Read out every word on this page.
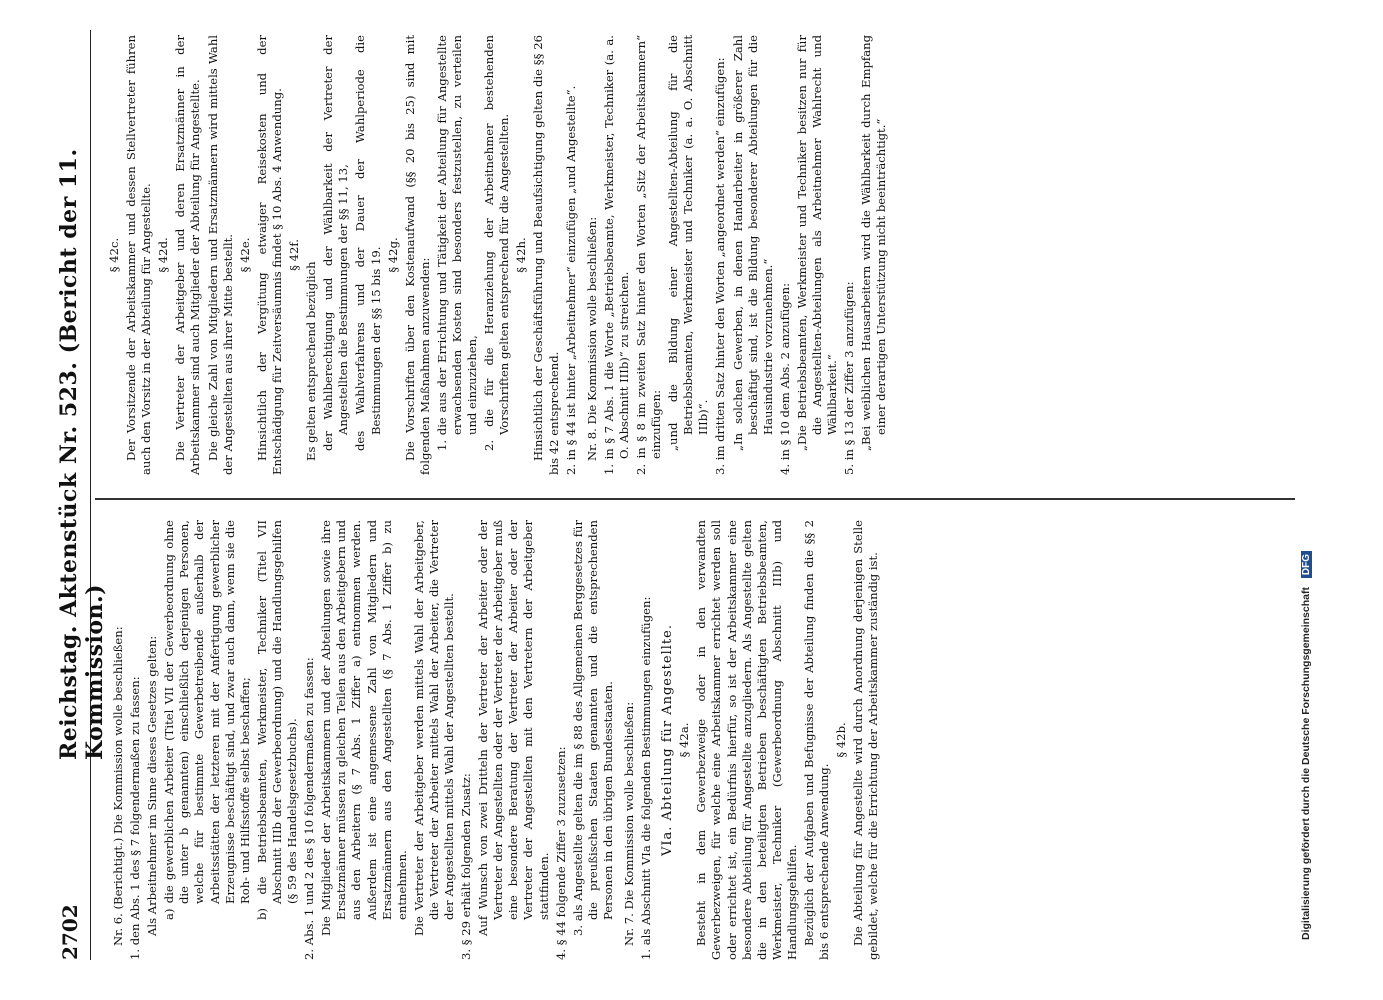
2702
Reichstag. Aktenstück Nr. 523. (Bericht der 11. Kommission.) Nr. 6. (Berichtigt.) Die Kommission wolle beschließen: 1. den Abs. 1 des § 7 folgendermaßen zu fassen: Als Arbeitnehmer im Sinne dieses Gesetzes gelten: a) die gewerblichen Arbeiter (Titel VII der Gewerbeordnung ohne die unter b genannten) einschließlich derjenigen Personen, welche für bestimmte Gewerbetreibende außerhalb der Arbeitsstätten der letzteren mit der Anfertigung gewerblicher Erzeugnisse beschäftigt sind, und zwar auch dann, wenn sie die Roh- und Hilfsstoffe selbst beschaffen; b) die Betriebsbeamten, Werkmeister, Techniker (Titel VII Abschnitt IIIb der Gewerbeordnung) und die Handlungsgehilfen (§ 59 des Handelsgesetzbuchs). 2. Abs. 1 und 2 des § 10 folgendermaßen zu fassen: Die Mitglieder der Arbeitskammern und der Abteilungen sowie ihre Ersatzmänner müssen zu gleichen Teilen aus den Arbeitgebern und aus den Arbeitern (§ 7 Abs. 1 Ziffer a) entnommen werden. Außerdem ist eine angemessene Zahl von Mitgliedern und Ersatzmännern aus den Angestellten (§ 7 Abs. 1 Ziffer b) zu entnehmen. Die Vertreter der Arbeitgeber werden mittels Wahl der Arbeitgeber, die Vertreter der Arbeiter mittels Wahl der Arbeiter, die Vertreter der Angestellten mittels Wahl der Angestellten bestellt. 3. § 29 erhält folgenden Zusatz: Auf Wunsch von zwei Dritteln der Vertreter der Arbeiter oder der Vertreter der Angestellten oder der Vertreter der Arbeitgeber muß eine besondere Beratung der Vertreter der Arbeiter oder der Vertreter der Angestellten mit den Vertretern der Arbeitgeber stattfinden. 4. § 44 folgende Ziffer 3 zuzusetzen: 3. als Angestellte gelten die im § 88 des Allgemeinen Berggesetzes für die preußischen Staaten genannten und die entsprechenden Personen in den übrigen Bundesstaaten. Nr. 7. Die Kommission wolle beschließen: 1. als Abschnitt VIa die folgenden Bestimmungen einzufügen: VIa. Abteilung für Angestellte. § 42a. Besteht in dem Gewerbezweige oder in den verwandten Gewerbezweigen, für welche eine Arbeitskammer errichtet werden soll oder errichtet ist, ein Bedürfnis hierfür, so ist der Arbeitskammer eine besondere Abteilung für Angestellte anzugliedern. Als Angestellte gelten die in den beteiligten Betrieben beschäftigten Betriebsbeamten, Werkmeister, Techniker (Gewerbeordnung Abschnitt IIIb) und Handlungsgehilfen. Bezüglich der Aufgaben und Befugnisse der Abteilung finden die §§ 2 bis 6 entsprechende Anwendung.

§ 42b. Die Abteilung für Angestellte wird durch Anordnung derjenigen Stelle gebildet, welche für die Errichtung der Arbeitskammer zuständig ist.

§ 42c. Der Vorsitzende der Arbeitskammer und dessen Stellvertreter führen auch den Vorsitz in der Abteilung für Angestellte. § 42d. Die Vertreter der Arbeitgeber und deren Ersatzmänner in der Arbeitskammer sind auch Mitglieder der Abteilung für Angestellte. Die gleiche Zahl von Mitgliedern und Ersatzmännern wird mittels Wahl der Angestellten aus ihrer Mitte bestellt. § 42e. Hinsichtlich der Vergütung etwaiger Reisekosten und der Entschädigung für Zeitversäumnis findet § 10 Abs. 4 Anwendung. § 42f.

Es gelten entsprechend bezüglich der Wahlberechtigung und der Wählbarkeit der Vertreter der Angestellten die Bestimmungen der §§ 11, 13, des Wahlverfahrens und der Dauer der Wahlperiode die Bestimmungen der §§ 15 bis 19. § 42g. Die Vorschriften über den Kostenaufwand (§§ 20 bis 25) sind mit folgenden Maßnahmen anzuwenden: 1. die aus der Errichtung und Tätigkeit der Abteilung für Angestellte erwachsenden Kosten sind besonders festzustellen, zu verteilen und einzuziehen, 2. die für die Heranziehung der Arbeitnehmer bestehenden Vorschriften gelten entsprechend für die Angestellten. § 42h. Hinsichtlich der Geschäftsführung und Beaufsichtigung gelten die §§ 26 bis 42 entsprechend. 2. in § 44 ist hinter „Arbeitnehmer“ einzufügen „und Angestellte“. Nr. 8. Die Kommission wolle beschließen: 1. in § 7 Abs. 1 die Worte „Betriebsbeamte, Werkmeister, Techniker (a. a. O. Abschnitt IIIb)“ zu streichen. 2. in § 8 im zweiten Satz hinter den Worten „Sitz der Arbeitskammern“ einzufügen: „und die Bildung einer Angestellten-Abteilung für die Betriebsbeamten, Werkmeister und Techniker (a. a. O. Abschnitt IIIb)“. 3. im dritten Satz hinter den Worten „angeordnet werden“ einzufügen: „In solchen Gewerben, in denen Handarbeiter in größerer Zahl beschäftigt sind, ist die Bildung besonderer Abteilungen für die Hausindustrie vorzunehmen.“ 4. in § 10 dem Abs. 2 anzufügen: „Die Betriebsbeamten, Werkmeister und Techniker besitzen nur für die Angestellten-Abteilungen als Arbeitnehmer Wahlrecht und Wählbarkeit.“ 5. in § 13 der Ziffer 3 anzufügen: „Bei weiblichen Hausarbeitern wird die Wählbarkeit durch Empfang einer derartigen Unterstützung nicht beeinträchtigt.“

Digitalisierung gefördert durch die Deutsche Forschungsgemeinschaft DFG
